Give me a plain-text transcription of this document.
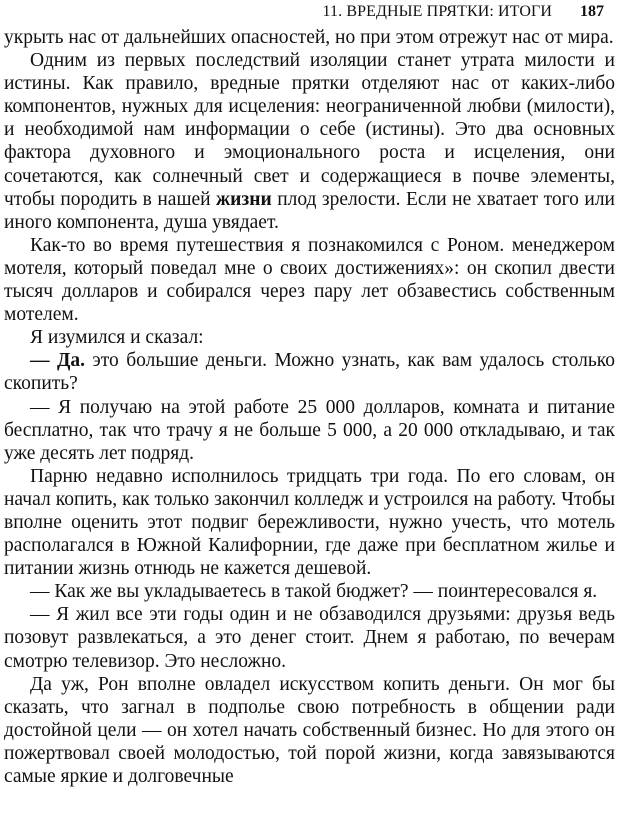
11. ВРЕДНЫЕ ПРЯТКИ: ИТОГИ 187

укрыть нас от дальнейших опасностей, но при этом отрежут нас от мира.

Одним из первых последствий изоляции станет утрата милости и истины. Как правило, вредные прятки отделяют нас от каких-либо компонентов, нужных для исцеления: неограниченной любви (милости), и необходимой нам информации о себе (истины). Это два основных фактора духовного и эмоционального роста и исцеления, они сочетаются, как солнечный свет и содержащиеся в почве элементы, чтобы породить в нашей жизни плод зрелости. Если не хватает того или иного компонента, душа увядает.

Как-то во время путешествия я познакомился с Роном. менеджером мотеля, который поведал мне о своих достижениях»: он скопил двести тысяч долларов и собирался через пару лет обзавестись собственным мотелем.

Я изумился и сказал:

— Да. это большие деньги. Можно узнать, как вам удалось столько скопить?

— Я получаю на этой работе 25 000 долларов, комната и питание бесплатно, так что трачу я не больше 5 000, а 20 000 откладываю, и так уже десять лет подряд.

Парню недавно исполнилось тридцать три года. По его словам, он начал копить, как только закончил колледж и устроился на работу. Чтобы вполне оценить этот подвиг бережливости, нужно учесть, что мотель располагался в Южной Калифорнии, где даже при бесплатном жилье и питании жизнь отнюдь не кажется дешевой.

— Как же вы укладываетесь в такой бюджет? — поинтересовался я.

— Я жил все эти годы один и не обзаводился друзьями: друзья ведь позовут развлекаться, а это денег стоит. Днем я работаю, по вечерам смотрю телевизор. Это несложно.

Да уж, Рон вполне овладел искусством копить деньги. Он мог бы сказать, что загнал в подполье свою потребность в общении ради достойной цели — он хотел начать собственный бизнес. Но для этого он пожертвовал своей молодостью, той порой жизни, когда завязываются самые яркие и долговечные
